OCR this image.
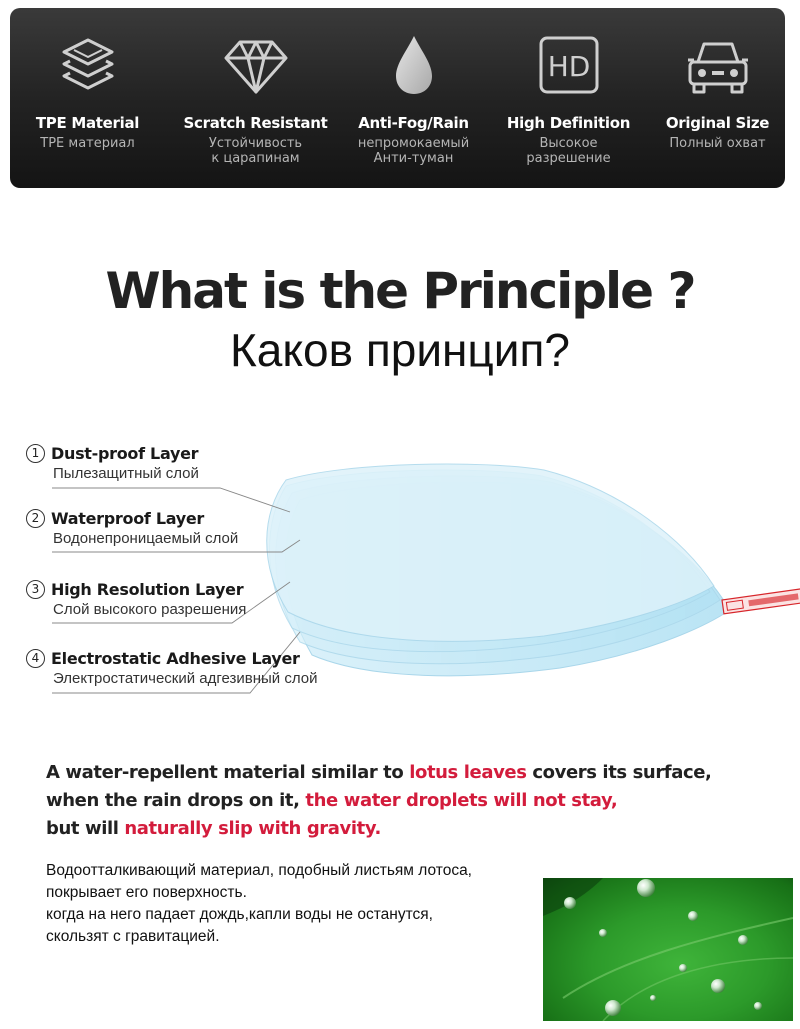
TPE Material
TPE материал
Scratch Resistant
Устойчивость
к царапинам
Anti-Fog/Rain
непромокаемый
Анти-туман
HD
High Definition
Высокое
разрешение
Original Size
Полный охват
What is the Principle ?
Каков принцип?
1 Dust-proof Layer
Пылезащитный слой
2 Waterproof Layer
Водонепроницаемый слой
3 High Resolution Layer
Слой высокого разрешения
4 Electrostatic Adhesive Layer
Электростатический адгезивный слой
A water-repellent material similar to lotus leaves covers its surface,
when the rain drops on it, the water droplets will not stay,
but will naturally slip with gravity.
Водоотталкивающий материал, подобный листьям лотоса,
покрывает его поверхность.
когда на него падает дождь,капли воды не останутся,
скользят с гравитацией.
